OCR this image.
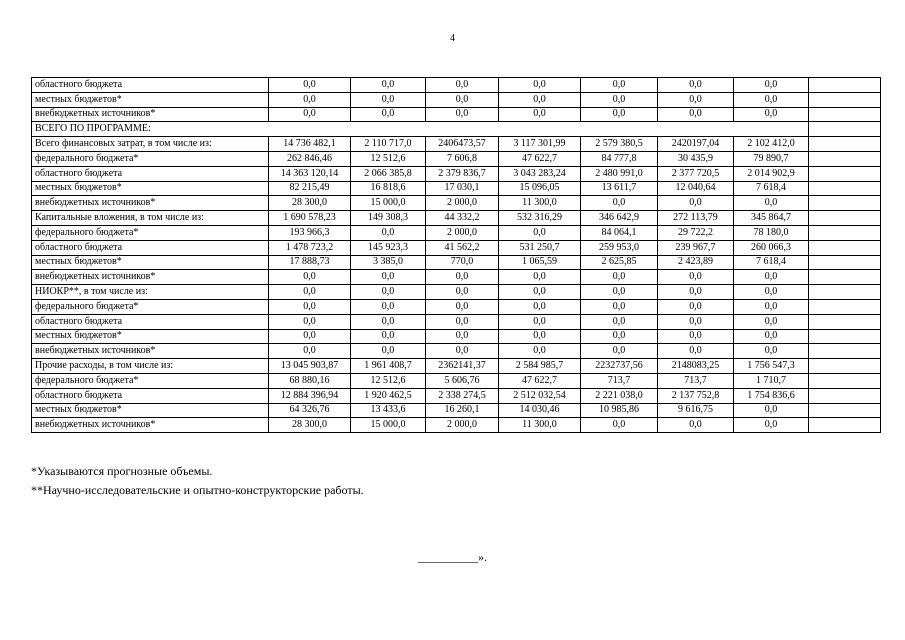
4
областного бюджета	0,0	0,0	0,0	0,0	0,0	0,0	0,0	
местных бюджетов*	0,0	0,0	0,0	0,0	0,0	0,0	0,0	
внебюджетных источников*	0,0	0,0	0,0	0,0	0,0	0,0	0,0	
ВСЕГО ПО ПРОГРАММЕ:								
Всего финансовых затрат, в том числе из:	14 736 482,1	2 110 717,0	2406473,57	3 117 301,99	2 579 380,5	2420197,04	2 102 412,0	
федерального бюджета*	262 846,46	12 512,6	7 606,8	47 622,7	84 777,8	30 435,9	79 890,7	
областного бюджета	14 363 120,14	2 066 385,8	2 379 836,7	3 043 283,24	2 480 991,0	2 377 720,5	2 014 902,9	
местных бюджетов*	82 215,49	16 818,6	17 030,1	15 096,05	13 611,7	12 040,64	7 618,4	
внебюджетных источников*	28 300,0	15 000,0	2 000,0	11 300,0	0,0	0,0	0,0	
Капитальные вложения, в том числе из:	1 690 578,23	149 308,3	44 332,2	532 316,29	346 642,9	272 113,79	345 864,7	
федерального бюджета*	193 966,3	0,0	2 000,0	0,0	84 064,1	29 722,2	78 180,0	
областного бюджета	1 478 723,2	145 923,3	41 562,2	531 250,7	259 953,0	239 967,7	260 066,3	
местных бюджетов*	17 888,73	3 385,0	770,0	1 065,59	2 625,85	2 423,89	7 618,4	
внебюджетных источников*	0,0	0,0	0,0	0,0	0,0	0,0	0,0	
НИОКР**, в том числе из:	0,0	0,0	0,0	0,0	0,0	0,0	0,0	
федерального бюджета*	0,0	0,0	0,0	0,0	0,0	0,0	0,0	
областного бюджета	0,0	0,0	0,0	0,0	0,0	0,0	0,0	
местных бюджетов*	0,0	0,0	0,0	0,0	0,0	0,0	0,0	
внебюджетных источников*	0,0	0,0	0,0	0,0	0,0	0,0	0,0	
Прочие расходы, в том числе из:	13 045 903,87	1 961 408,7	2362141,37	2 584 985,7	2232737,56	2148083,25	1 756 547,3	
федерального бюджета*	68 880,16	12 512,6	5 606,76	47 622,7	713,7	713,7	1 710,7	
областного бюджета	12 884 396,94	1 920 462,5	2 338 274,5	2 512 032,54	2 221 038,0	2 137 752,8	1 754 836,6	
местных бюджетов*	64 326,76	13 433,6	16 260,1	14 030,46	10 985,86	9 616,75	0,0	
внебюджетных источников*	28 300,0	15 000,0	2 000,0	11 300,0	0,0	0,0	0,0	
*Указываются прогнозные объемы.
**Научно-исследовательские и опытно-конструкторские работы.
__________».
